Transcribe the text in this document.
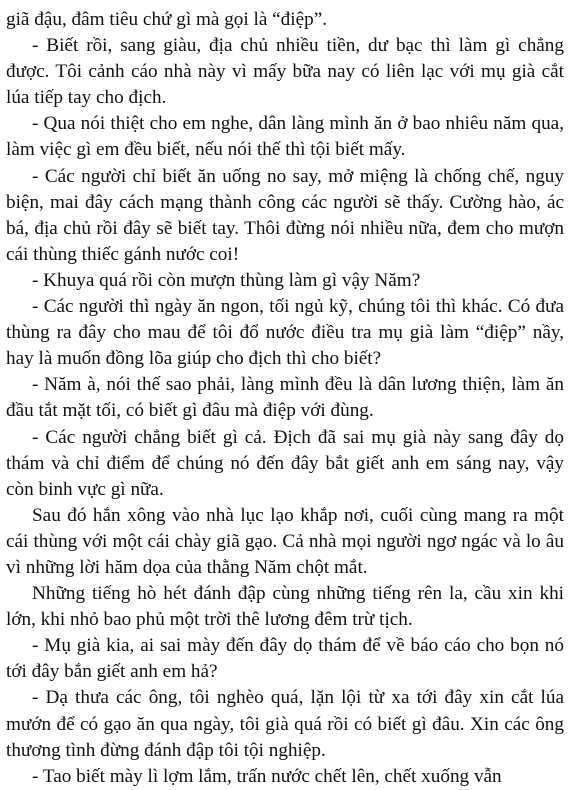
giã đậu, đâm tiêu chứ gì mà gọi là “điệp”.

- Biết rồi, sang giàu, địa chủ nhiều tiền, dư bạc thì làm gì chẳng được. Tôi cảnh cáo nhà này vì mấy bữa nay có liên lạc với mụ già cắt lúa tiếp tay cho địch.

- Qua nói thiệt cho em nghe, dân làng mình ăn ở bao nhiêu năm qua, làm việc gì em đều biết, nếu nói thế thì tội biết mấy.

- Các người chỉ biết ăn uống no say, mở miệng là chống chế, nguy biện, mai đây cách mạng thành công các người sẽ thấy. Cường hào, ác bá, địa chủ rồi đây sẽ biết tay. Thôi đừng nói nhiều nữa, đem cho mượn cái thùng thiếc gánh nước coi!

- Khuya quá rồi còn mượn thùng làm gì vậy Năm?

- Các người thì ngày ăn ngon, tối ngủ kỹ, chúng tôi thì khác. Có đưa thùng ra đây cho mau để tôi đổ nước điều tra mụ già làm “điệp” nầy, hay là muốn đồng lõa giúp cho địch thì cho biết?

- Năm à, nói thế sao phải, làng mình đều là dân lương thiện, làm ăn đầu tắt mặt tối, có biết gì đâu mà điệp với đùng.

- Các người chẳng biết gì cả. Địch đã sai mụ già này sang đây dọ thám và chỉ điểm để chúng nó đến đây bắt giết anh em sáng nay, vậy còn binh vực gì nữa.

Sau đó hắn xông vào nhà lục lạo khắp nơi, cuối cùng mang ra một cái thùng với một cái chày giã gạo. Cả nhà mọi người ngơ ngác và lo âu vì những lời hăm dọa của thằng Năm chột mắt.

Những tiếng hò hét đánh đập cùng những tiếng rên la, cầu xin khi lớn, khi nhỏ bao phủ một trời thê lương đêm trừ tịch.

- Mụ già kia, ai sai mày đến đây dọ thám để về báo cáo cho bọn nó tới đây bắn giết anh em hả?

- Dạ thưa các ông, tôi nghèo quá, lặn lội từ xa tới đây xin cắt lúa mướn để có gạo ăn qua ngày, tôi già quá rồi có biết gì đâu. Xin các ông thương tình đừng đánh đập tôi tội nghiệp.

- Tao biết mày lì lợm lắm, trấn nước chết lên, chết xuống vẫn
